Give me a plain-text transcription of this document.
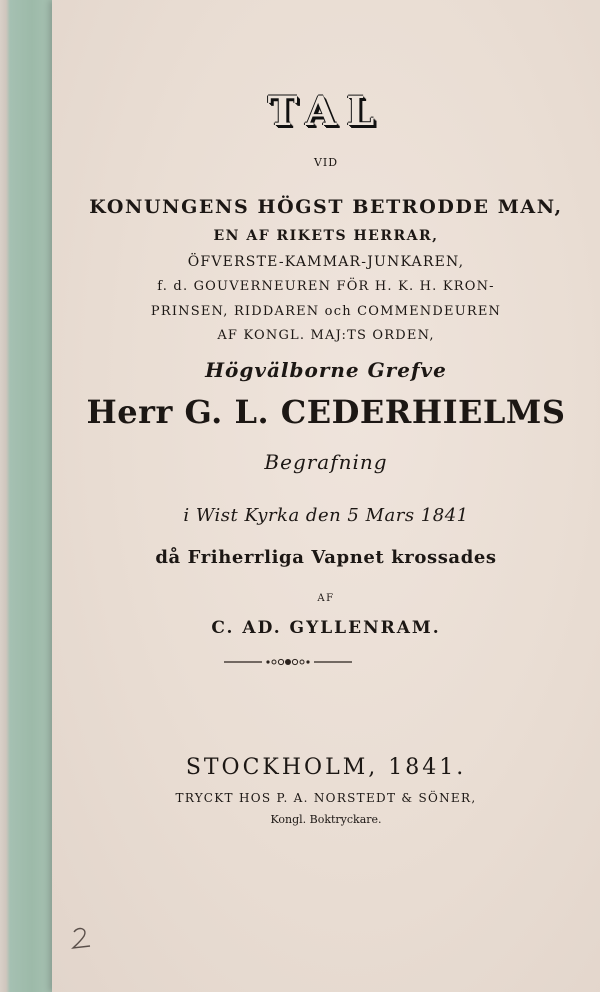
TAL
VID
KONUNGENS HÖGST BETRODDE MAN,
EN AF RIKETS HERRAR,
ÖFVERSTE-KAMMAR-JUNKAREN,
f. d. GOUVERNEUREN FÖR H. K. H. KRON-
PRINSEN, RIDDAREN och COMMENDEUREN
AF KONGL. MAJ:TS ORDEN,
Högvälborne Grefve
Herr G. L. CEDERHIELMS
Begrafning
i Wist Kyrka den 5 Mars 1841
då Friherrliga Vapnet krossades
AF
C. AD. GYLLENRAM.
STOCKHOLM, 1841.
TRYCKT HOS P. A. NORSTEDT & SÖNER,
Kongl. Boktryckare.
